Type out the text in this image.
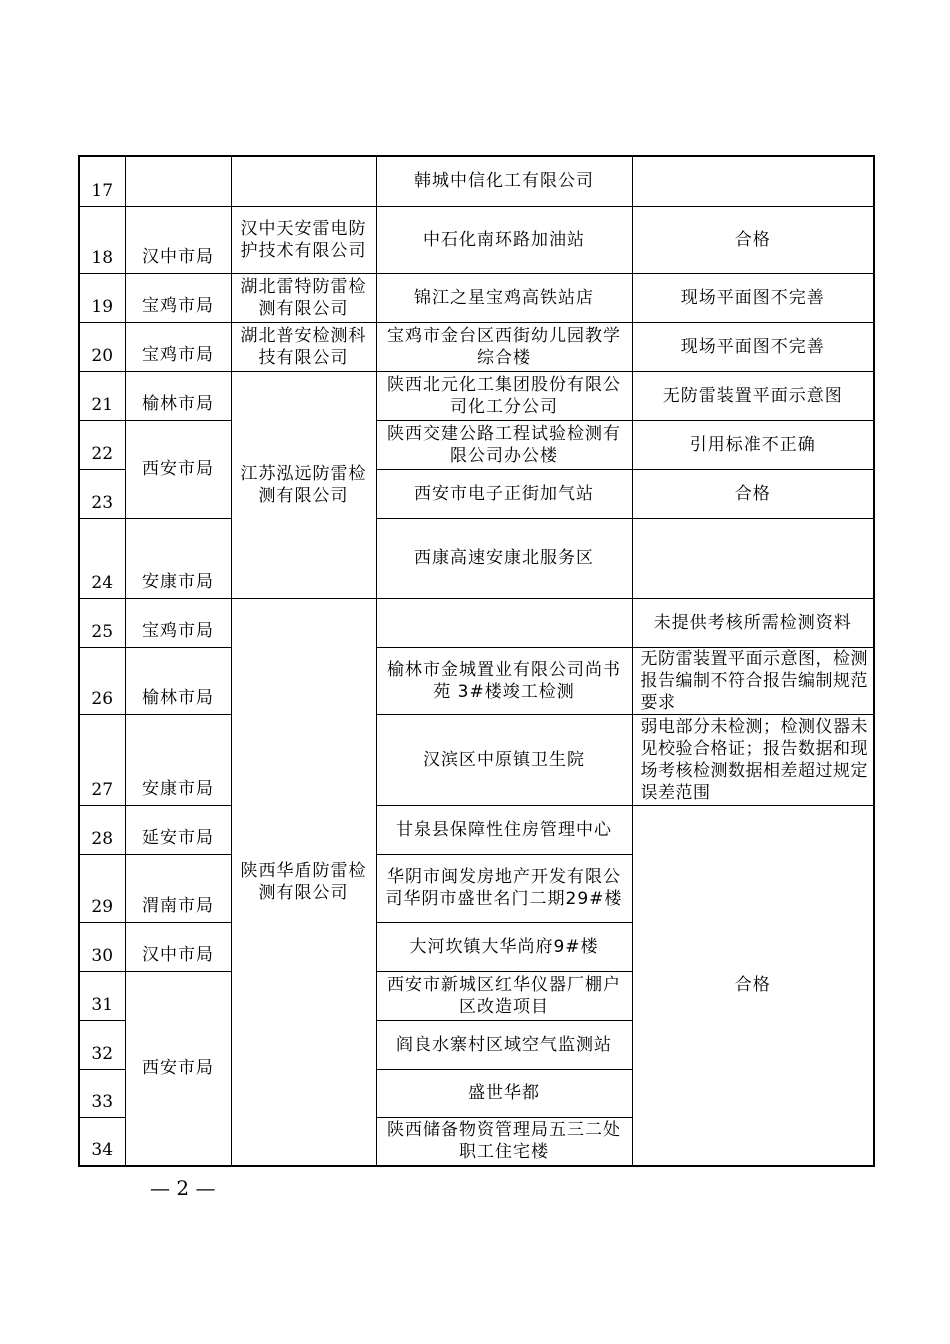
17			韩城中信化工有限公司	
18	汉中市局	汉中天安雷电防护技术有限公司	中石化南环路加油站	合格
19	宝鸡市局	湖北雷特防雷检测有限公司	锦江之星宝鸡高铁站店	现场平面图不完善
20	宝鸡市局	湖北普安检测科技有限公司	宝鸡市金台区西街幼儿园教学综合楼	现场平面图不完善
21	榆林市局	江苏泓远防雷检测有限公司	陕西北元化工集团股份有限公司化工分公司	无防雷装置平面示意图
22	西安市局		陕西交建公路工程试验检测有限公司办公楼	引用标准不正确
23			西安市电子正街加气站	合格
24	安康市局		西康高速安康北服务区	
25	宝鸡市局	陕西华盾防雷检测有限公司		未提供考核所需检测资料
26	榆林市局		榆林市金城置业有限公司尚书苑 3#楼竣工检测	无防雷装置平面示意图，检测报告编制不符合报告编制规范要求
27	安康市局		汉滨区中原镇卫生院	弱电部分未检测；检测仪器未见校验合格证；报告数据和现场考核检测数据相差超过规定误差范围
28	延安市局		甘泉县保障性住房管理中心	合格
29	渭南市局		华阴市闽发房地产开发有限公司华阴市盛世名门二期29#楼	
30	汉中市局		大河坎镇大华尚府9#楼	
31	西安市局		西安市新城区红华仪器厂棚户区改造项目	
32			阎良水寨村区域空气监测站	
33			盛世华都	
34			陕西储备物资管理局五三二处职工住宅楼	
— 2 —
